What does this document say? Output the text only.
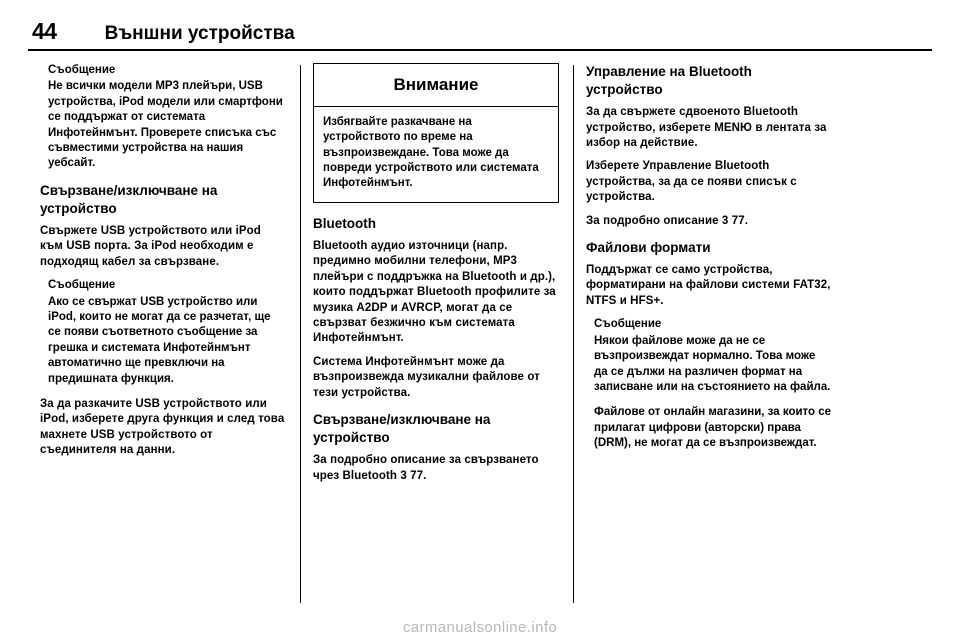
44	Външни устройства
Съобщение
Не всички модели MP3 плейъри, USB устройства, iPod модели или смартфони се поддържат от системата Инфотейнмънт. Проверете списъка със съвместими устройства на нашия уебсайт.
Свързване/изключване на устройство

Свържете USB устройството или iPod към USB порта. За iPod необходим е подходящ кабел за свързване.

Съобщение
Ако се свържат USB устройство или iPod, които не могат да се разчетат, ще се появи съответното съобщение за грешка и системата Инфотейнмънт автоматично ще превключи на предишната функция.

За да разкачите USB устройството или iPod, изберете друга функция и след това махнете USB устройството от съединителя на данни.

Внимание
Избягвайте разкачване на устройството по време на възпроизвеждане. Това може да повреди устройството или системата Инфотейнмънт.
Bluetooth

Bluetooth аудио източници (напр. предимно мобилни телефони, MP3 плейъри с поддръжка на Bluetooth и др.), които поддържат Bluetooth профилите за музика A2DP и AVRCP, могат да се свързват безжично към системата Инфотейнмънт.

Система Инфотейнмънт може да възпроизвежда музикални файлове от тези устройства.

Свързване/изключване на устройство

За подробно описание за свързването чрез Bluetooth 3 77.

Управление на Bluetooth устройство

За да свържете сдвоеното Bluetooth устройство, изберете MENЮ в лентата за избор на действие.

Изберете Управление Bluetooth устройства, за да се появи списък с устройства.

За подробно описание 3 77.

Файлови формати

Поддържат се само устройства, форматирани на файлови системи FAT32, NTFS и HFS+.

Съобщение
Някои файлове може да не се възпроизвеждат нормално. Това може да се дължи на различен формат на записване или на състоянието на файла.
Файлове от онлайн магазини, за които се прилагат цифрови (авторски) права (DRM), не могат да се възпроизвеждат.
carmanualsonline.info
